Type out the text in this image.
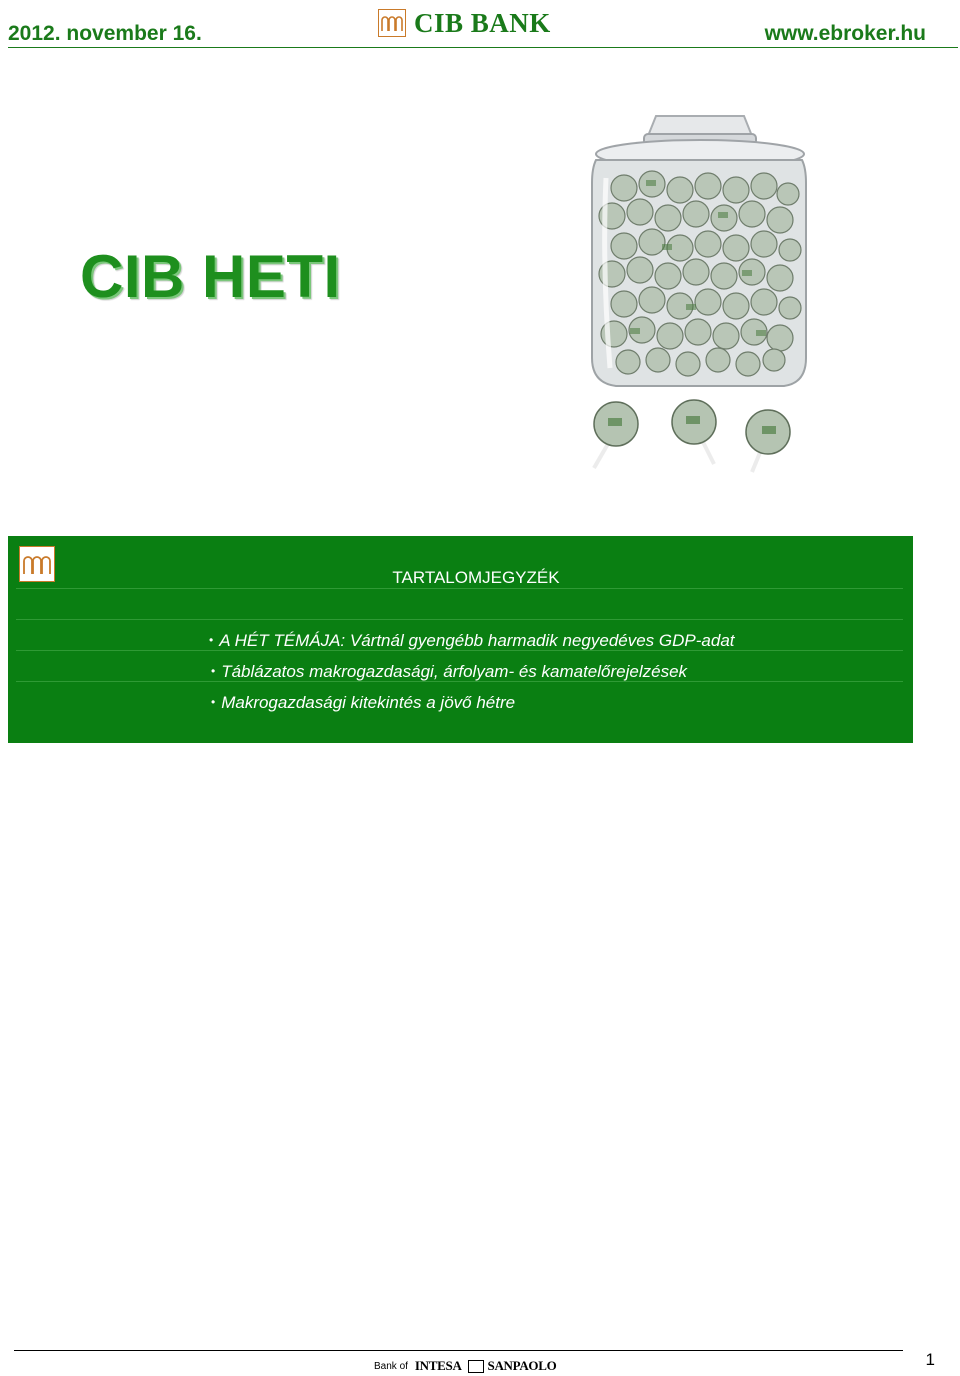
2012. november 16.	CIB BANK	www.ebroker.hu
CIB HETI
TARTALOMJEGYZÉK
• A HÉT TÉMÁJA: Vártnál gyengébb harmadik negyedéves GDP-adat
• Táblázatos makrogazdasági, árfolyam- és kamatelőrejelzések
• Makrogazdasági kitekintés a jövő hétre
Bank of INTESA SANPAOLO	1
